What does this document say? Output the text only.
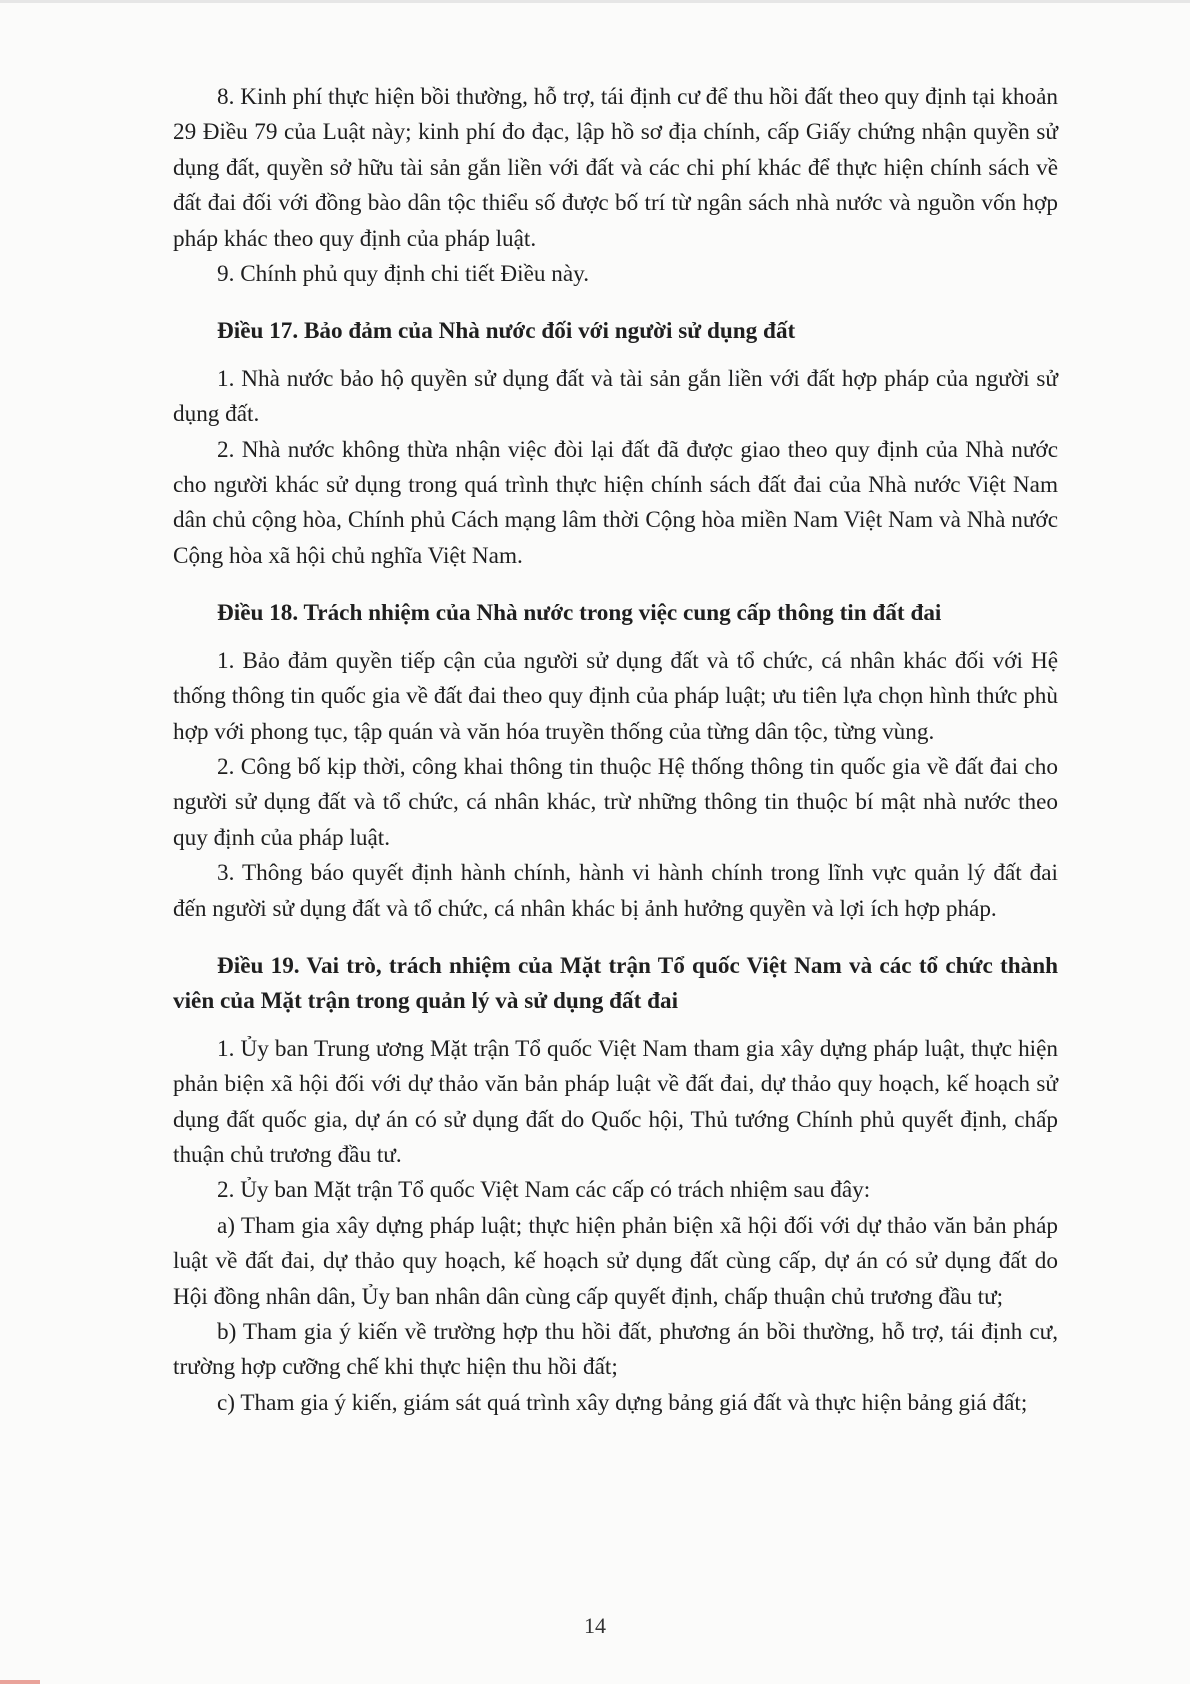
8. Kinh phí thực hiện bồi thường, hỗ trợ, tái định cư để thu hồi đất theo quy định tại khoản 29 Điều 79 của Luật này; kinh phí đo đạc, lập hồ sơ địa chính, cấp Giấy chứng nhận quyền sử dụng đất, quyền sở hữu tài sản gắn liền với đất và các chi phí khác để thực hiện chính sách về đất đai đối với đồng bào dân tộc thiểu số được bố trí từ ngân sách nhà nước và nguồn vốn hợp pháp khác theo quy định của pháp luật.

9. Chính phủ quy định chi tiết Điều này.

Điều 17. Bảo đảm của Nhà nước đối với người sử dụng đất

1. Nhà nước bảo hộ quyền sử dụng đất và tài sản gắn liền với đất hợp pháp của người sử dụng đất.

2. Nhà nước không thừa nhận việc đòi lại đất đã được giao theo quy định của Nhà nước cho người khác sử dụng trong quá trình thực hiện chính sách đất đai của Nhà nước Việt Nam dân chủ cộng hòa, Chính phủ Cách mạng lâm thời Cộng hòa miền Nam Việt Nam và Nhà nước Cộng hòa xã hội chủ nghĩa Việt Nam.

Điều 18. Trách nhiệm của Nhà nước trong việc cung cấp thông tin đất đai

1. Bảo đảm quyền tiếp cận của người sử dụng đất và tổ chức, cá nhân khác đối với Hệ thống thông tin quốc gia về đất đai theo quy định của pháp luật; ưu tiên lựa chọn hình thức phù hợp với phong tục, tập quán và văn hóa truyền thống của từng dân tộc, từng vùng.

2. Công bố kịp thời, công khai thông tin thuộc Hệ thống thông tin quốc gia về đất đai cho người sử dụng đất và tổ chức, cá nhân khác, trừ những thông tin thuộc bí mật nhà nước theo quy định của pháp luật.

3. Thông báo quyết định hành chính, hành vi hành chính trong lĩnh vực quản lý đất đai đến người sử dụng đất và tổ chức, cá nhân khác bị ảnh hưởng quyền và lợi ích hợp pháp.

Điều 19. Vai trò, trách nhiệm của Mặt trận Tổ quốc Việt Nam và các tổ chức thành viên của Mặt trận trong quản lý và sử dụng đất đai

1. Ủy ban Trung ương Mặt trận Tổ quốc Việt Nam tham gia xây dựng pháp luật, thực hiện phản biện xã hội đối với dự thảo văn bản pháp luật về đất đai, dự thảo quy hoạch, kế hoạch sử dụng đất quốc gia, dự án có sử dụng đất do Quốc hội, Thủ tướng Chính phủ quyết định, chấp thuận chủ trương đầu tư.

2. Ủy ban Mặt trận Tổ quốc Việt Nam các cấp có trách nhiệm sau đây:

a) Tham gia xây dựng pháp luật; thực hiện phản biện xã hội đối với dự thảo văn bản pháp luật về đất đai, dự thảo quy hoạch, kế hoạch sử dụng đất cùng cấp, dự án có sử dụng đất do Hội đồng nhân dân, Ủy ban nhân dân cùng cấp quyết định, chấp thuận chủ trương đầu tư;

b) Tham gia ý kiến về trường hợp thu hồi đất, phương án bồi thường, hỗ trợ, tái định cư, trường hợp cưỡng chế khi thực hiện thu hồi đất;

c) Tham gia ý kiến, giám sát quá trình xây dựng bảng giá đất và thực hiện bảng giá đất;

14
